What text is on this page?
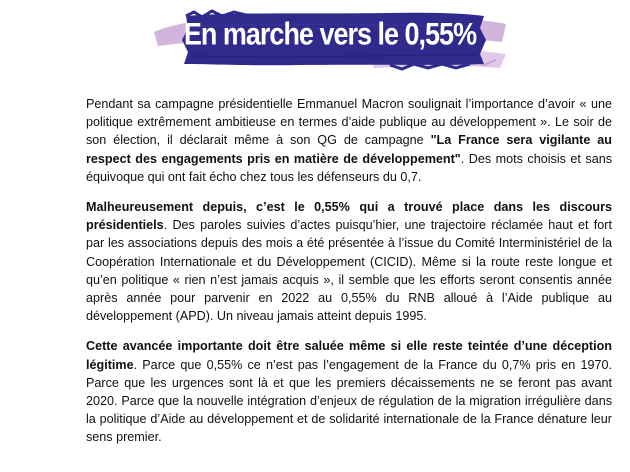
En marche vers le 0,55%

Pendant sa campagne présidentielle Emmanuel Macron soulignait l’importance d’avoir « une politique extrêmement ambitieuse en termes d’aide publique au développement ». Le soir de son élection, il déclarait même à son QG de campagne "La France sera vigilante au respect des engagements pris en matière de développement". Des mots choisis et sans équivoque qui ont fait écho chez tous les défenseurs du 0,7.

Malheureusement depuis, c’est le 0,55% qui a trouvé place dans les discours présidentiels. Des paroles suivies d’actes puisqu’hier, une trajectoire réclamée haut et fort par les associations depuis des mois a été présentée à l’issue du Comité Interministériel de la Coopération Internationale et du Développement (CICID). Même si la route reste longue et qu’en politique « rien n’est jamais acquis », il semble que les efforts seront consentis année après année pour parvenir en 2022 au 0,55% du RNB alloué à l’Aide publique au développement (APD). Un niveau jamais atteint depuis 1995.

Cette avancée importante doit être saluée même si elle reste teintée d’une déception légitime. Parce que 0,55% ce n’est pas l’engagement de la France du 0,7% pris en 1970. Parce que les urgences sont là et que les premiers décaissements ne se feront pas avant 2020. Parce que la nouvelle intégration d’enjeux de régulation de la migration irrégulière dans la politique d’Aide au développement et de solidarité internationale de la France dénature leur sens premier.
